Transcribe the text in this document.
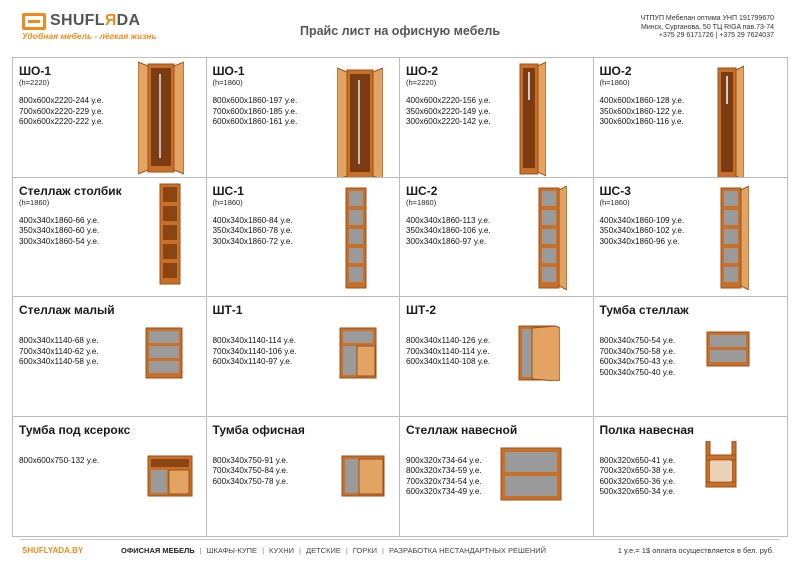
SHUFLЯDA
Удобная мебель - лёгкая жизнь	Прайс лист на офисную мебель
ЧТПУП Мебелан оптима УНП 191799670
Минск, Сурганова, 50 ТЦ RIGA пав.73-74
+375 29 6171726 | +375 29 7624037
ШО-1
(h=2220)
800х600х2220-244 у.е.
700х600х2220-229 у.е.
600х600х2220-222 у.е.
ШО-1
(h=1860)
800х600х1860-197 у.е.
700х600х1860-185 у.е.
600х600х1860-161 у.е.
ШО-2
(h=2220)
400х600х2220-156 у.е.
350х600х2220-149 у.е.
300х600х2220-142 у.е.
ШО-2
(h=1860)
400х600х1860-128 у.е.
350х600х1860-122 у.е.
300х600х1860-116 у.е.
Стеллаж столбик
(h=1860)
400х340х1860-66 у.е.
350х340х1860-60 у.е.
300х340х1860-54 у.е.
ШС-1
(h=1860)
400х340х1860-84 у.е.
350х340х1860-78 у.е.
300х340х1860-72 у.е.
ШС-2
(h=1860)
400х340х1860-113 у.е.
350х340х1860-106 у.е.
300х340х1860-97 у.е.
ШС-3
(h=1860)
400х340х1860-109 у.е.
350х340х1860-102 у.е.
300х340х1860-96 у.е.
Стеллаж малый
800х340х1140-68 у.е.
700х340х1140-62 у.е.
600х340х1140-58 у.е.
ШТ-1
800х340х1140-114 у.е.
700х340х1140-106 у.е.
600х340х1140-97 у.е.
ШТ-2
800х340х1140-126 у.е.
700х340х1140-114 у.е.
600х340х1140-108 у.е.
Тумба стеллаж
800х340х750-54 у.е.
700х340х750-58 у.е.
600х340х750-43 у.е.
500х340х750-40 у.е.
Тумба под ксерокс
800х600х750-132 у.е.
Тумба офисная
800х340х750-91 у.е.
700х340х750-84 у.е.
600х340х750-78 у.е.
Стеллаж навесной
900х320х734-64 у.е.
800х320х734-59 у.е.
700х320х734-54 у.е.
600х320х734-49 у.е.
Полка навесная
800х320х650-41 у.е.
700х320х650-38 у.е.
600х320х650-36 у.е.
500х320х650-34 у.е.
SHUFLYADA.BY	ОФИСНАЯ МЕБЕЛЬ | ШКАФЫ-КУПЕ | КУХНИ | ДЕТСКИЕ | ГОРКИ | РАЗРАБОТКА НЕСТАНДАРТНЫХ РЕШЕНИЙ	1 у.е.= 1$ оплата осуществляется в бел. руб.
